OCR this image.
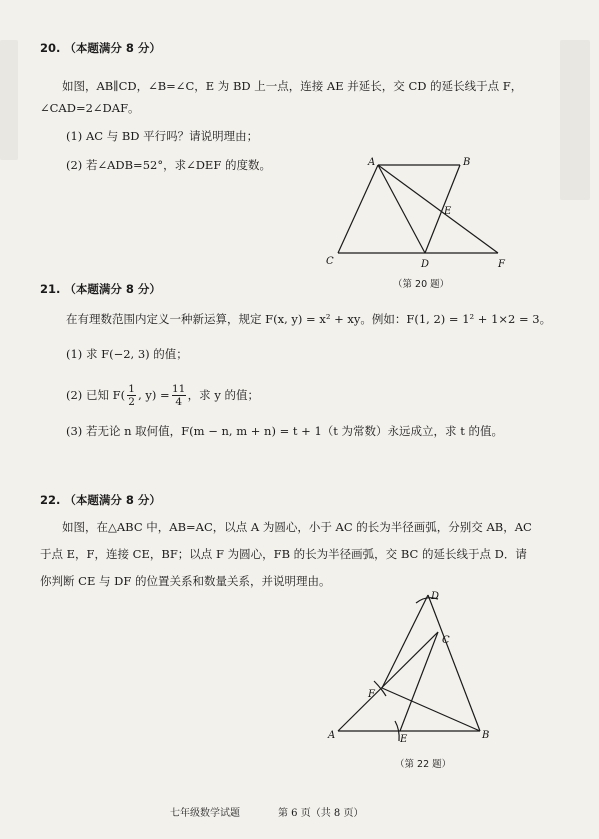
20. （本题满分 8 分）
如图，AB∥CD，∠B=∠C，E 为 BD 上一点，连接 AE 并延长，交 CD 的延长线于点 F，
∠CAD=2∠DAF。
(1) AC 与 BD 平行吗？请说明理由；
(2) 若∠ADB=52°，求∠DEF 的度数。	A	B
C	D
E
F
（第 20 题）
21. （本题满分 8 分）
在有理数范围内定义一种新运算，规定 F(x, y) = x² + xy。例如：F(1, 2) = 1² + 1×2 = 3。
(1) 求 F(−2, 3) 的值；
(2) 已知 F( 1
2 , y) = 11
4 ，求 y 的值；
(3) 若无论 n 取何值，F(m − n, m + n) = t + 1（t 为常数）永远成立，求 t 的值。
22. （本题满分 8 分）
如图，在△ABC 中，AB=AC，以点 A 为圆心，小于 AC 的长为半径画弧，分别交 AB，AC
于点 E，F，连接 CE，BF；以点 F 为圆心，FB 的长为半径画弧，交 BC 的延长线于点 D．请
你判断 CE 与 DF 的位置关系和数量关系，并说明理由。
D
C
F
A	E	B
（第 22 题）
七年级数学试题	第 6 页（共 8 页）
